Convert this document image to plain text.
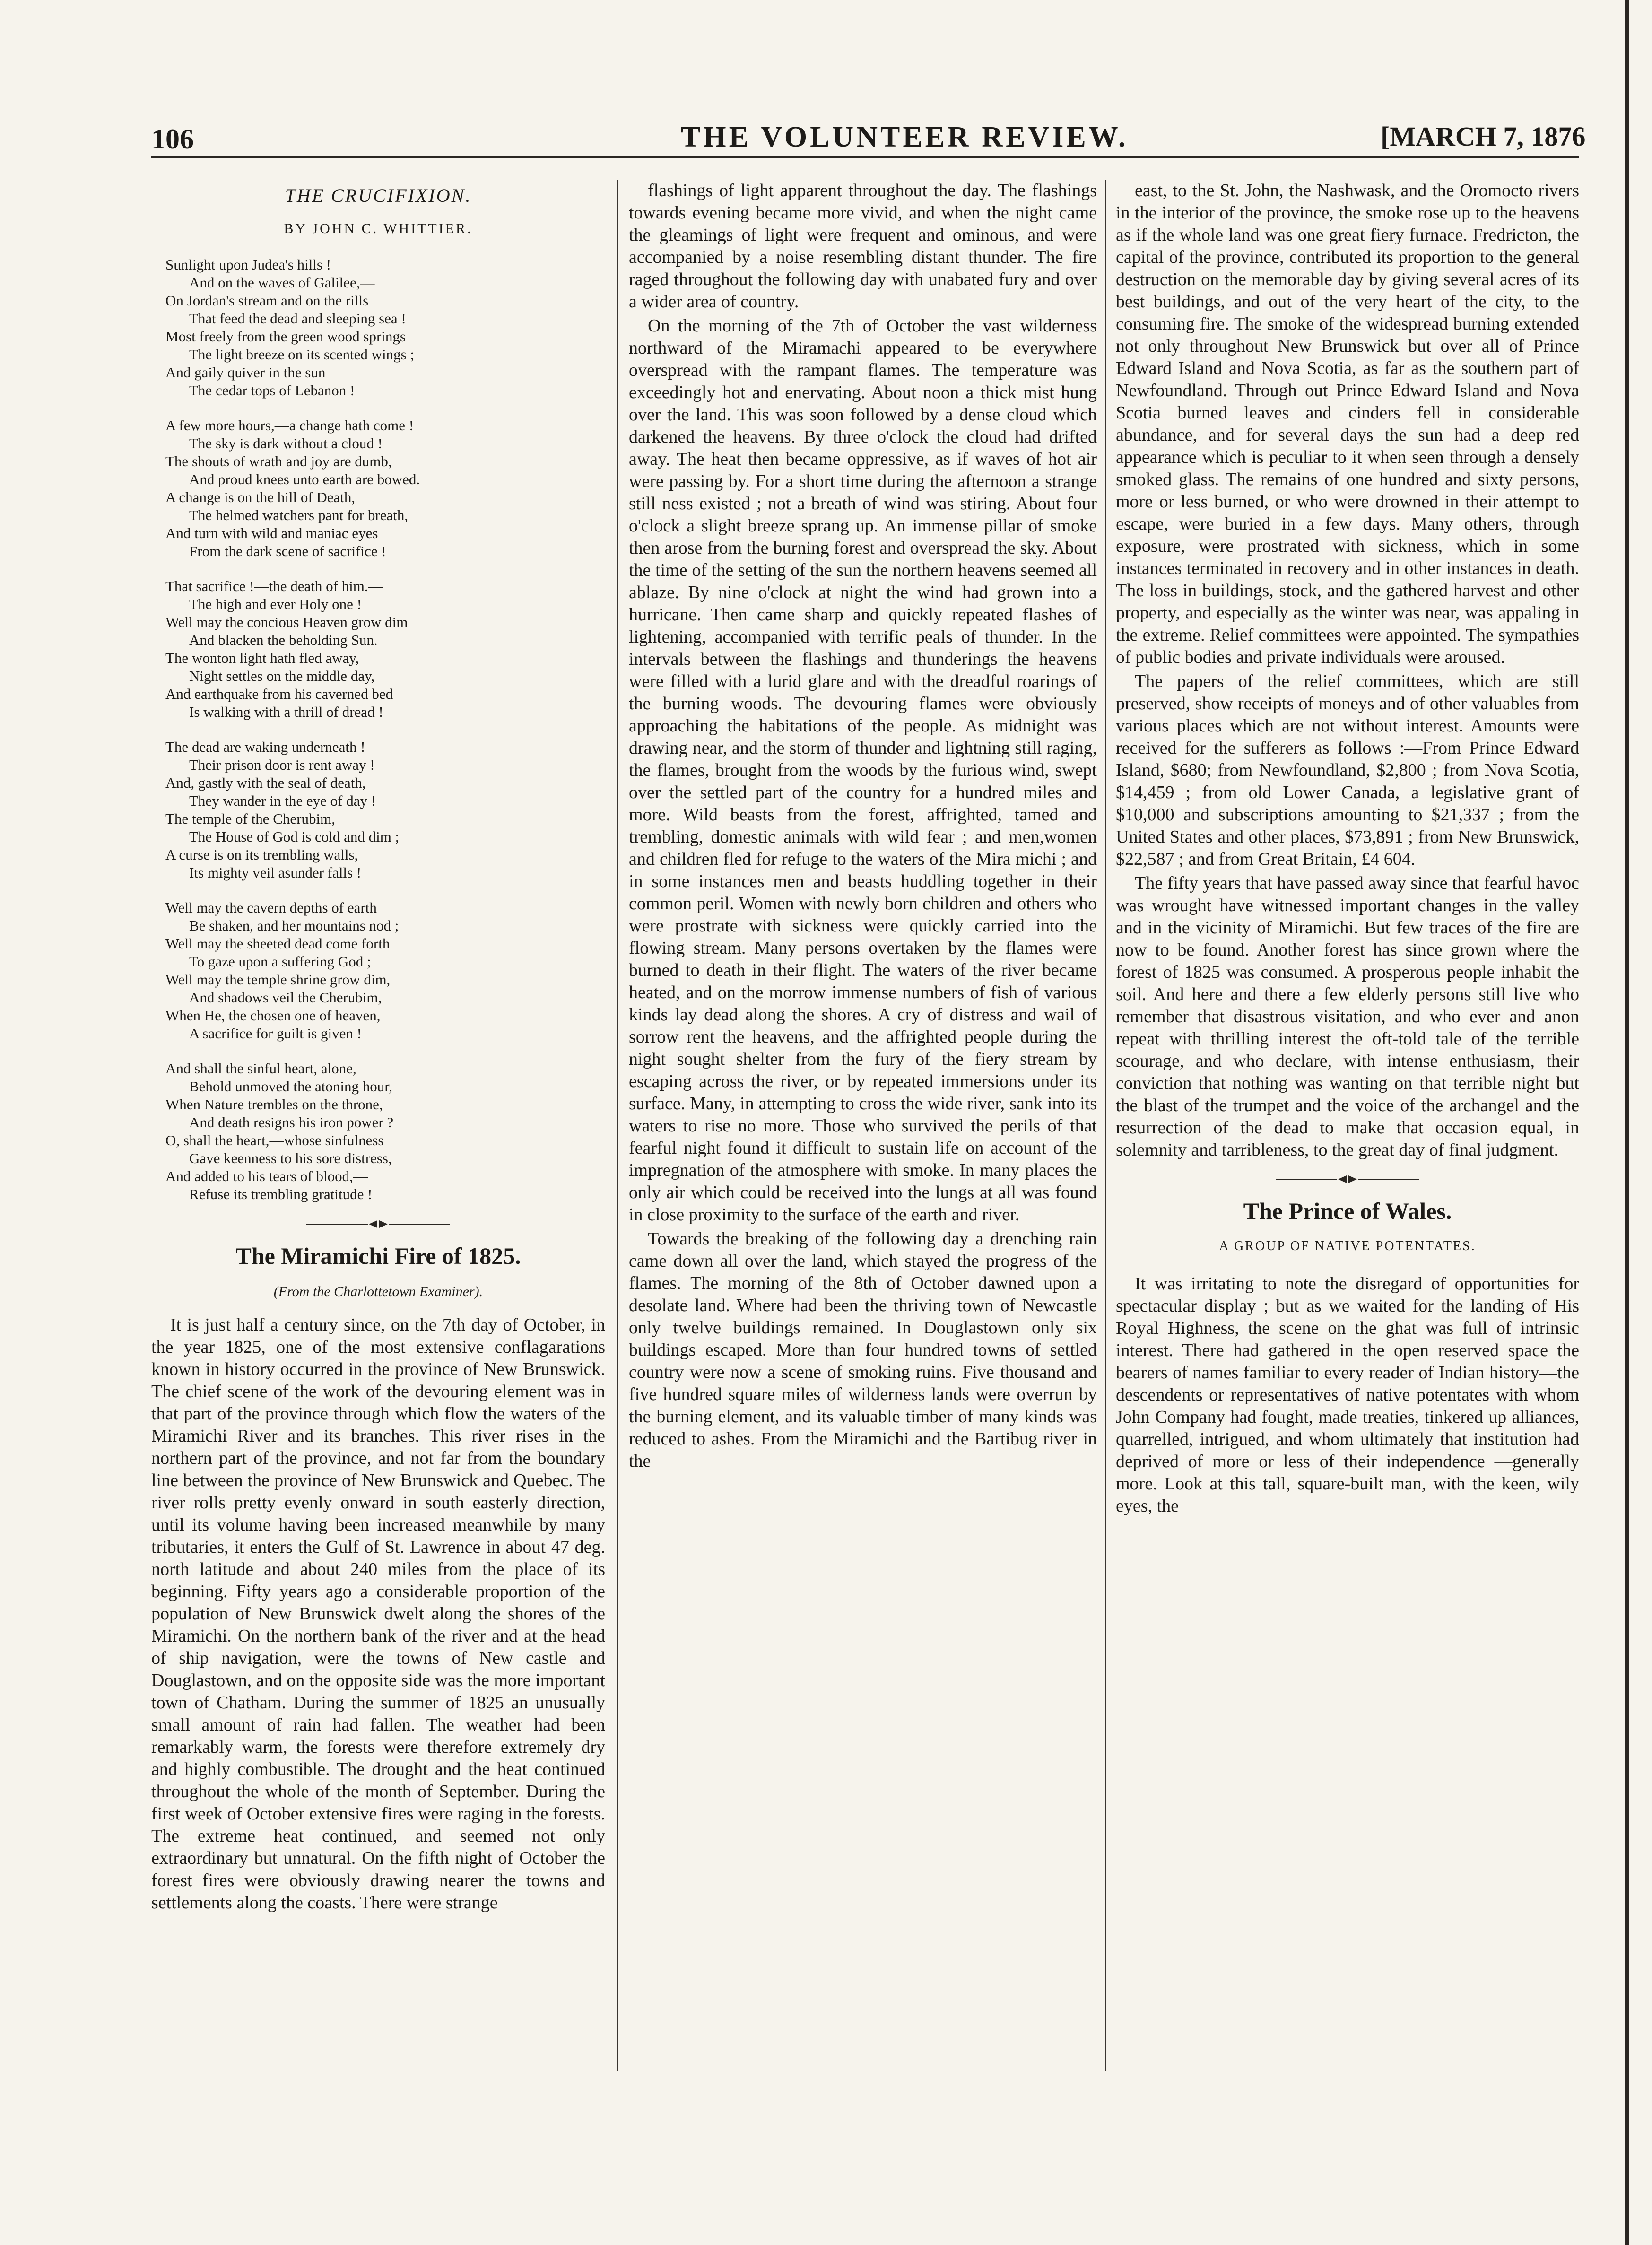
106	THE VOLUNTEER REVIEW.	[MARCH 7, 1876
THE CRUCIFIXION.
BY JOHN C. WHITTIER.

Sunlight upon Judea's hills !

And on the waves of Galilee,—

On Jordan's stream and on the rills

That feed the dead and sleeping sea !

Most freely from the green wood springs

The light breeze on its scented wings ;

And gaily quiver in the sun

The cedar tops of Lebanon !

A few more hours,—a change hath come !

The sky is dark without a cloud !

The shouts of wrath and joy are dumb,

And proud knees unto earth are bowed.

A change is on the hill of Death,

The helmed watchers pant for breath,

And turn with wild and maniac eyes

From the dark scene of sacrifice !

That sacrifice !—the death of him.—

The high and ever Holy one !

Well may the concious Heaven grow dim

And blacken the beholding Sun.

The wonton light hath fled away,

Night settles on the middle day,

And earthquake from his caverned bed

Is walking with a thrill of dread !

The dead are waking underneath !

Their prison door is rent away !

And, gastly with the seal of death,

They wander in the eye of day !

The temple of the Cherubim,

The House of God is cold and dim ;

A curse is on its trembling walls,

Its mighty veil asunder falls !

Well may the cavern depths of earth

Be shaken, and her mountains nod ;

Well may the sheeted dead come forth

To gaze upon a suffering God ;

Well may the temple shrine grow dim,

And shadows veil the Cherubim,

When He, the chosen one of heaven,

A sacrifice for guilt is given !

And shall the sinful heart, alone,

Behold unmoved the atoning hour,

When Nature trembles on the throne,

And death resigns his iron power ?

O, shall the heart,—whose sinfulness

Gave keenness to his sore distress,

And added to his tears of blood,—

Refuse its trembling gratitude !

The Miramichi Fire of 1825.
(From the Charlottetown Examiner).

It is just half a century since, on the 7th day of October, in the year 1825, one of the most extensive conflagarations known in history occurred in the province of New Brunswick. The chief scene of the work of the devouring element was in that part of the province through which flow the waters of the Miramichi River and its branches. This river rises in the northern part of the province, and not far from the boundary line between the province of New Brunswick and Quebec. The river rolls pretty evenly onward in south easterly direction, until its volume having been increased meanwhile by many tributaries, it enters the Gulf of St. Lawrence in about 47 deg. north latitude and about 240 miles from the place of its beginning. Fifty years ago a considerable proportion of the population of New Brunswick dwelt along the shores of the Miramichi. On the northern bank of the river and at the head of ship navigation, were the towns of New castle and Douglastown, and on the opposite side was the more important town of Chatham. During the summer of 1825 an unusually small amount of rain had fallen. The weather had been remarkably warm, the forests were therefore extremely dry and highly combustible. The drought and the heat continued throughout the whole of the month of September. During the first week of October extensive fires were raging in the forests. The extreme heat continued, and seemed not only extraordinary but unnatural. On the fifth night of October the forest fires were obviously drawing nearer the towns and settlements along the coasts. There were strange

flashings of light apparent throughout the day. The flashings towards evening became more vivid, and when the night came the gleamings of light were frequent and ominous, and were accompanied by a noise resembling distant thunder. The fire raged throughout the following day with unabated fury and over a wider area of country.

On the morning of the 7th of October the vast wilderness northward of the Miramachi appeared to be everywhere overspread with the rampant flames. The temperature was exceedingly hot and enervating. About noon a thick mist hung over the land. This was soon followed by a dense cloud which darkened the heavens. By three o'clock the cloud had drifted away. The heat then became oppressive, as if waves of hot air were passing by. For a short time during the afternoon a strange still ness existed ; not a breath of wind was stiring. About four o'clock a slight breeze sprang up. An immense pillar of smoke then arose from the burning forest and overspread the sky. About the time of the setting of the sun the northern heavens seemed all ablaze. By nine o'clock at night the wind had grown into a hurricane. Then came sharp and quickly repeated flashes of lightening, accompanied with terrific peals of thunder. In the intervals between the flashings and thunderings the heavens were filled with a lurid glare and with the dreadful roarings of the burning woods. The devouring flames were obviously approaching the habitations of the people. As midnight was drawing near, and the storm of thunder and lightning still raging, the flames, brought from the woods by the furious wind, swept over the settled part of the country for a hundred miles and more. Wild beasts from the forest, affrighted, tamed and trembling, domestic animals with wild fear ; and men,women and children fled for refuge to the waters of the Mira michi ; and in some instances men and beasts huddling together in their common peril. Women with newly born children and others who were prostrate with sickness were quickly carried into the flowing stream. Many persons overtaken by the flames were burned to death in their flight. The waters of the river became heated, and on the morrow immense numbers of fish of various kinds lay dead along the shores. A cry of distress and wail of sorrow rent the heavens, and the affrighted people during the night sought shelter from the fury of the fiery stream by escaping across the river, or by repeated immersions under its surface. Many, in attempting to cross the wide river, sank into its waters to rise no more. Those who survived the perils of that fearful night found it difficult to sustain life on account of the impregnation of the atmosphere with smoke. In many places the only air which could be received into the lungs at all was found in close proximity to the surface of the earth and river.

Towards the breaking of the following day a drenching rain came down all over the land, which stayed the progress of the flames. The morning of the 8th of October dawned upon a desolate land. Where had been the thriving town of Newcastle only twelve buildings remained. In Douglastown only six buildings escaped. More than four hundred towns of settled country were now a scene of smoking ruins. Five thousand and five hundred square miles of wilderness lands were overrun by the burning element, and its valuable timber of many kinds was reduced to ashes. From the Miramichi and the Bartibug river in the

east, to the St. John, the Nashwask, and the Oromocto rivers in the interior of the province, the smoke rose up to the heavens as if the whole land was one great fiery furnace. Fredricton, the capital of the province, contributed its proportion to the general destruction on the memorable day by giving several acres of its best buildings, and out of the very heart of the city, to the consuming fire. The smoke of the widespread burning extended not only throughout New Brunswick but over all of Prince Edward Island and Nova Scotia, as far as the southern part of Newfoundland. Through out Prince Edward Island and Nova Scotia burned leaves and cinders fell in considerable abundance, and for several days the sun had a deep red appearance which is peculiar to it when seen through a densely smoked glass. The remains of one hundred and sixty persons, more or less burned, or who were drowned in their attempt to escape, were buried in a few days. Many others, through exposure, were prostrated with sickness, which in some instances terminated in recovery and in other instances in death. The loss in buildings, stock, and the gathered harvest and other property, and especially as the winter was near, was appaling in the extreme. Relief committees were appointed. The sympathies of public bodies and private individuals were aroused.

The papers of the relief committees, which are still preserved, show receipts of moneys and of other valuables from various places which are not without interest. Amounts were received for the sufferers as follows :—From Prince Edward Island, $680; from Newfoundland, $2,800 ; from Nova Scotia, $14,459 ; from old Lower Canada, a legislative grant of $10,000 and subscriptions amounting to $21,337 ; from the United States and other places, $73,891 ; from New Brunswick, $22,587 ; and from Great Britain, £4 604.

The fifty years that have passed away since that fearful havoc was wrought have witnessed important changes in the valley and in the vicinity of Miramichi. But few traces of the fire are now to be found. Another forest has since grown where the forest of 1825 was consumed. A prosperous people inhabit the soil. And here and there a few elderly persons still live who remember that disastrous visitation, and who ever and anon repeat with thrilling interest the oft-told tale of the terrible scourage, and who declare, with intense enthusiasm, their conviction that nothing was wanting on that terrible night but the blast of the trumpet and the voice of the archangel and the resurrection of the dead to make that occasion equal, in solemnity and tarribleness, to the great day of final judgment.

The Prince of Wales.
A GROUP OF NATIVE POTENTATES.

It was irritating to note the disregard of opportunities for spectacular display ; but as we waited for the landing of His Royal Highness, the scene on the ghat was full of intrinsic interest. There had gathered in the open reserved space the bearers of names familiar to every reader of Indian history—the descendents or representatives of native potentates with whom John Company had fought, made treaties, tinkered up alliances, quarrelled, intrigued, and whom ultimately that institution had deprived of more or less of their independence —generally more. Look at this tall, square-built man, with the keen, wily eyes, the
